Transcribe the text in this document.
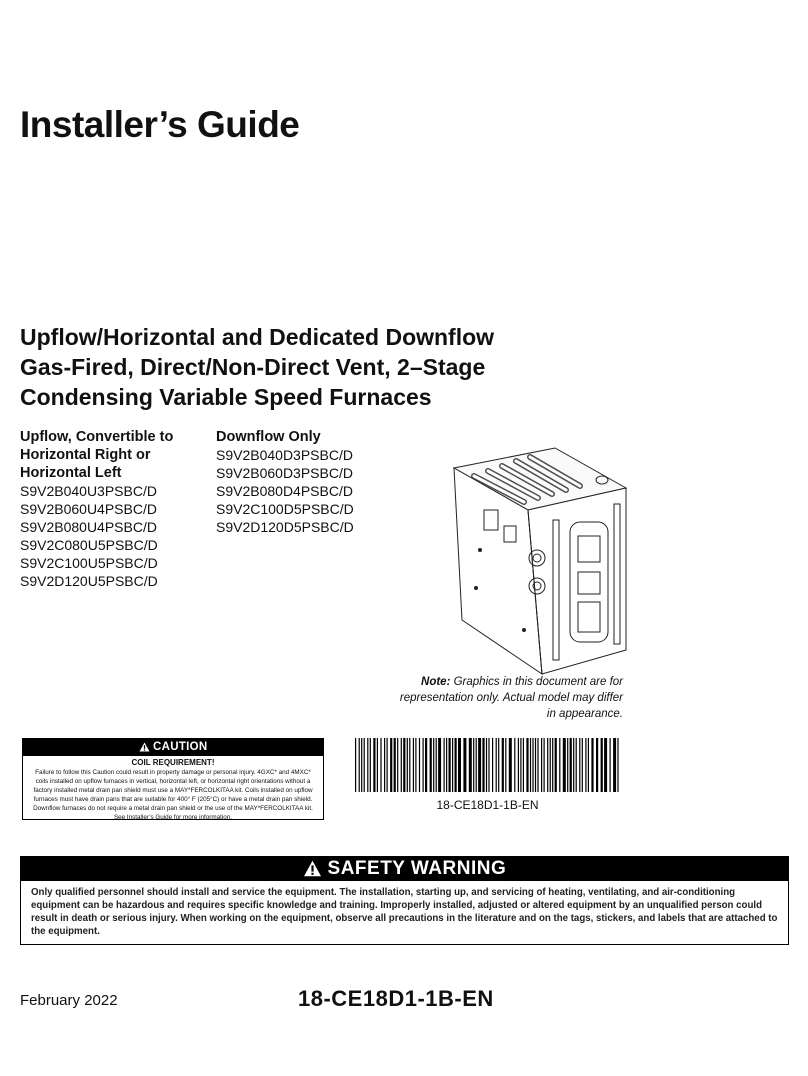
Installer’s Guide
Upflow/Horizontal and Dedicated Downflow
Gas-Fired, Direct/Non-Direct Vent, 2–Stage
Condensing Variable Speed Furnaces
Upflow, Convertible to
Horizontal Right or
Horizontal Left
S9V2B040U3PSBC/D
S9V2B060U4PSBC/D
S9V2B080U4PSBC/D
S9V2C080U5PSBC/D
S9V2C100U5PSBC/D
S9V2D120U5PSBC/D
Downflow Only
S9V2B040D3PSBC/D
S9V2B060D3PSBC/D
S9V2B080D4PSBC/D
S9V2C100D5PSBC/D
S9V2D120D5PSBC/D
Note: Graphics in this document are for representation only. Actual model may differ in appearance.
CAUTION
COIL REQUIREMENT!
Failure to follow this Caution could result in property damage or personal injury. 4GXC* and 4MXC* coils installed on upflow furnaces in vertical, horizontal left, or horizontal right orientations without a factory installed metal drain pan shield must use a MAY*FERCOLKITAA kit. Coils installed on upflow furnaces must have drain pans that are suitable for 400° F (205°C) or have a metal drain pan shield. Downflow furnaces do not require a metal drain pan shield or the use of the MAY*FERCOLKITAA kit. See Installer’s Guide for more information.
18-CE18D1-1B-EN
SAFETY WARNING
Only qualified personnel should install and service the equipment. The installation, starting up, and servicing of heating, ventilating, and air-conditioning equipment can be hazardous and requires specific knowledge and training. Improperly installed, adjusted or altered equipment by an unqualified person could result in death or serious injury. When working on the equipment, observe all precautions in the literature and on the tags, stickers, and labels that are attached to the equipment.
February 2022	18-CE18D1-1B-EN
